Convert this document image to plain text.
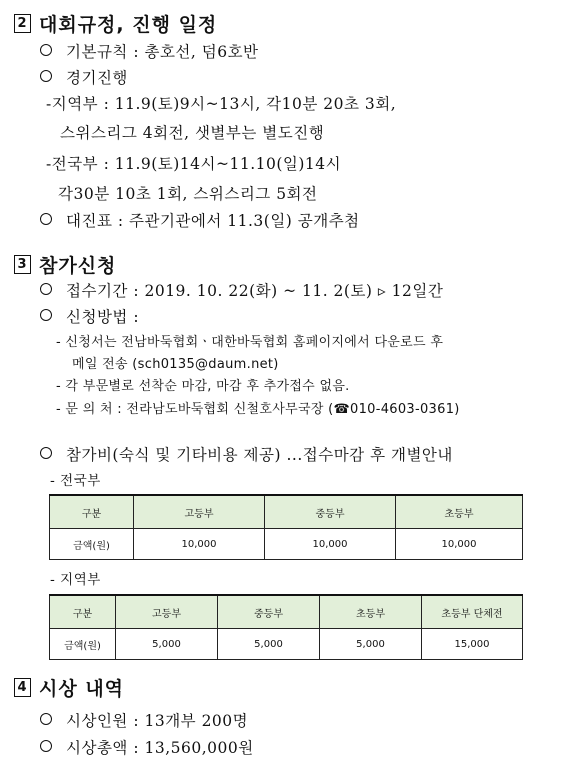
2 대회규정, 진행 일정
기본규칙 : 총호선, 덤6호반
경기진행
-지역부 : 11.9(토)9시~13시, 각10분 20초 3회,
스위스리그 4회전, 샛별부는 별도진행
-전국부 : 11.9(토)14시~11.10(일)14시
각30분 10초 1회, 스위스리그 5회전
대진표 : 주관기관에서 11.3(일) 공개추첨
3 참가신청
접수기간 : 2019. 10. 22(화) ~ 11. 2(토) ▹ 12일간
신청방법 :
- 신청서는 전남바둑협회ㆍ대한바둑협회 홈페이지에서 다운로드 후
메일 전송 (sch0135@daum.net)
- 각 부문별로 선착순 마감, 마감 후 추가접수 없음.
- 문 의 처 : 전라남도바둑협회 신철호사무국장 (☎010-4603-0361)
참가비(숙식 및 기타비용 제공) ...접수마감 후 개별안내
- 전국부
구분	고등부	중등부	초등부
금액(원)	10,000	10,000	10,000
- 지역부
구분	고등부	중등부	초등부	초등부 단체전
금액(원)	5,000	5,000	5,000	15,000
4 시상 내역
시상인원 : 13개부 200명
시상총액 : 13,560,000원
